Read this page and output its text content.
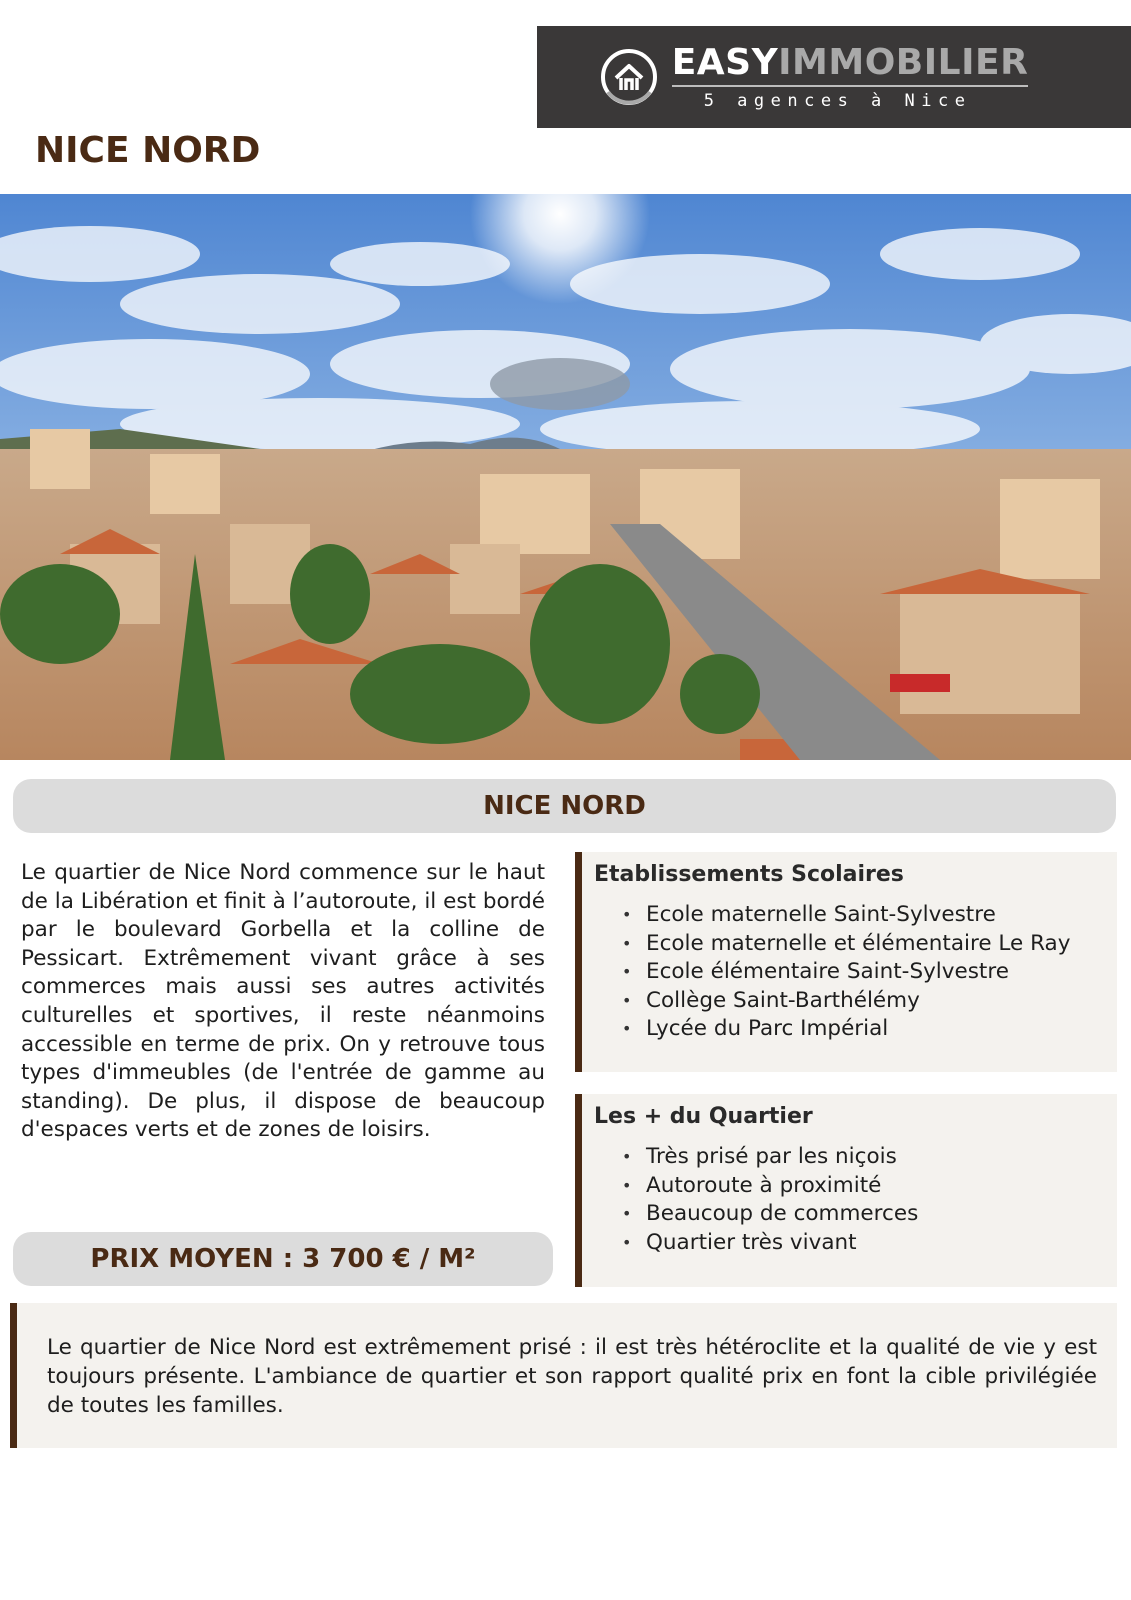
EASYIMMOBILIER
5 agences à Nice
NICE NORD
NICE NORD

Le quartier de Nice Nord commence sur le haut de la Libération et finit à l’autoroute, il est bordé par le boulevard Gorbella et la colline de Pessicart. Extrêmement vivant grâce à ses commerces mais aussi ses autres activités culturelles et sportives, il reste néanmoins accessible en terme de prix. On y retrouve tous types d'immeubles (de l'entrée de gamme au standing). De plus, il dispose de beaucoup d'espaces verts et de zones de loisirs.

PRIX MOYEN : 3 700 € / M²
Etablissements Scolaires
• Ecole maternelle Saint-Sylvestre
• Ecole maternelle et élémentaire Le Ray
• Ecole élémentaire Saint-Sylvestre
• Collège Saint-Barthélémy
• Lycée du Parc Impérial
Les + du Quartier
• Très prisé par les niçois
• Autoroute à proximité
• Beaucoup de commerces
• Quartier très vivant

Le quartier de Nice Nord est extrêmement prisé : il est très hétéroclite et la qualité de vie y est toujours présente. L'ambiance de quartier et son rapport qualité prix en font la cible privilégiée de toutes les familles.
